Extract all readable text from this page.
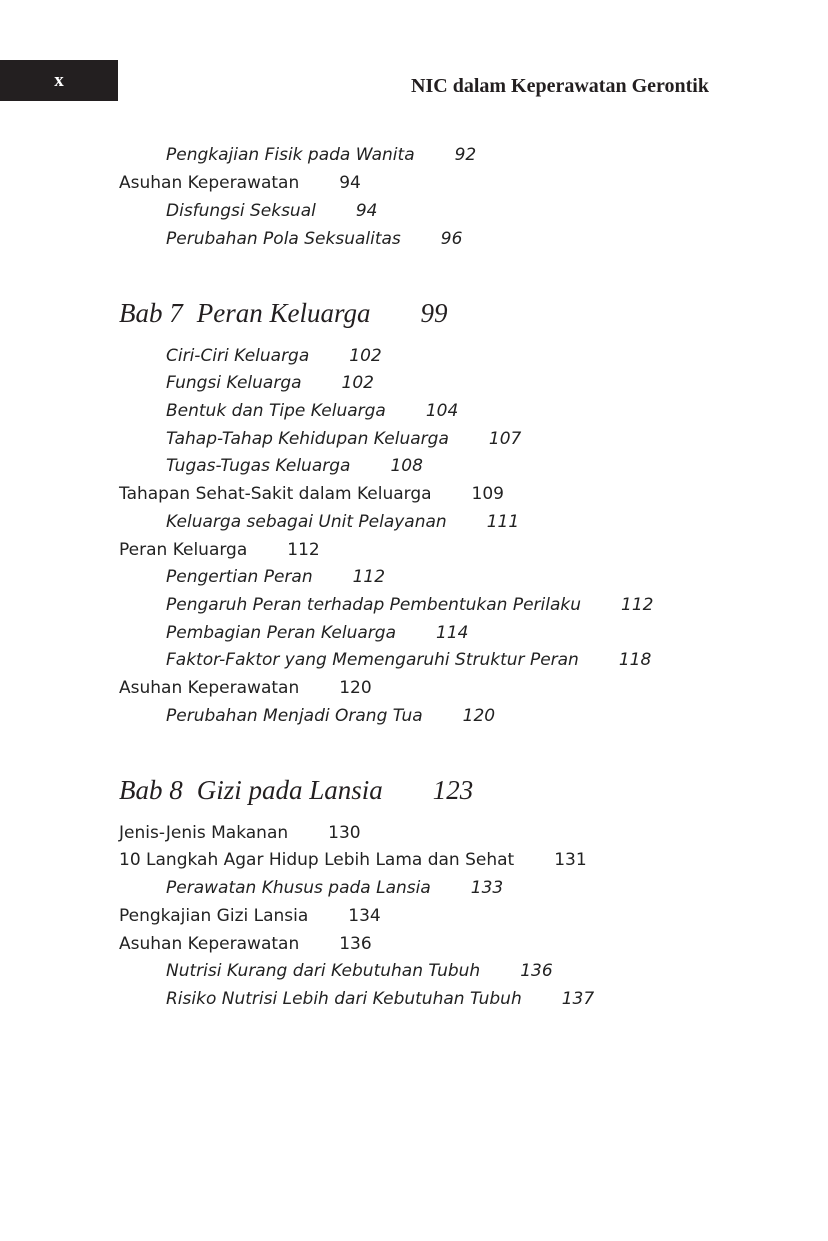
x	NIC dalam Keperawatan Gerontik
Pengkajian Fisik pada Wanita 92
Asuhan Keperawatan 94
Disfungsi Seksual 94
Perubahan Pola Seksualitas 96
Bab 7 Peran Keluarga 99
Ciri-Ciri Keluarga 102
Fungsi Keluarga 102
Bentuk dan Tipe Keluarga 104
Tahap-Tahap Kehidupan Keluarga 107
Tugas-Tugas Keluarga 108
Tahapan Sehat-Sakit dalam Keluarga 109
Keluarga sebagai Unit Pelayanan 111
Peran Keluarga 112
Pengertian Peran 112
Pengaruh Peran terhadap Pembentukan Perilaku 112
Pembagian Peran Keluarga 114
Faktor-Faktor yang Memengaruhi Struktur Peran 118
Asuhan Keperawatan 120
Perubahan Menjadi Orang Tua 120
Bab 8 Gizi pada Lansia 123
Jenis-Jenis Makanan 130
10 Langkah Agar Hidup Lebih Lama dan Sehat 131
Perawatan Khusus pada Lansia 133
Pengkajian Gizi Lansia 134
Asuhan Keperawatan 136
Nutrisi Kurang dari Kebutuhan Tubuh 136
Risiko Nutrisi Lebih dari Kebutuhan Tubuh 137
